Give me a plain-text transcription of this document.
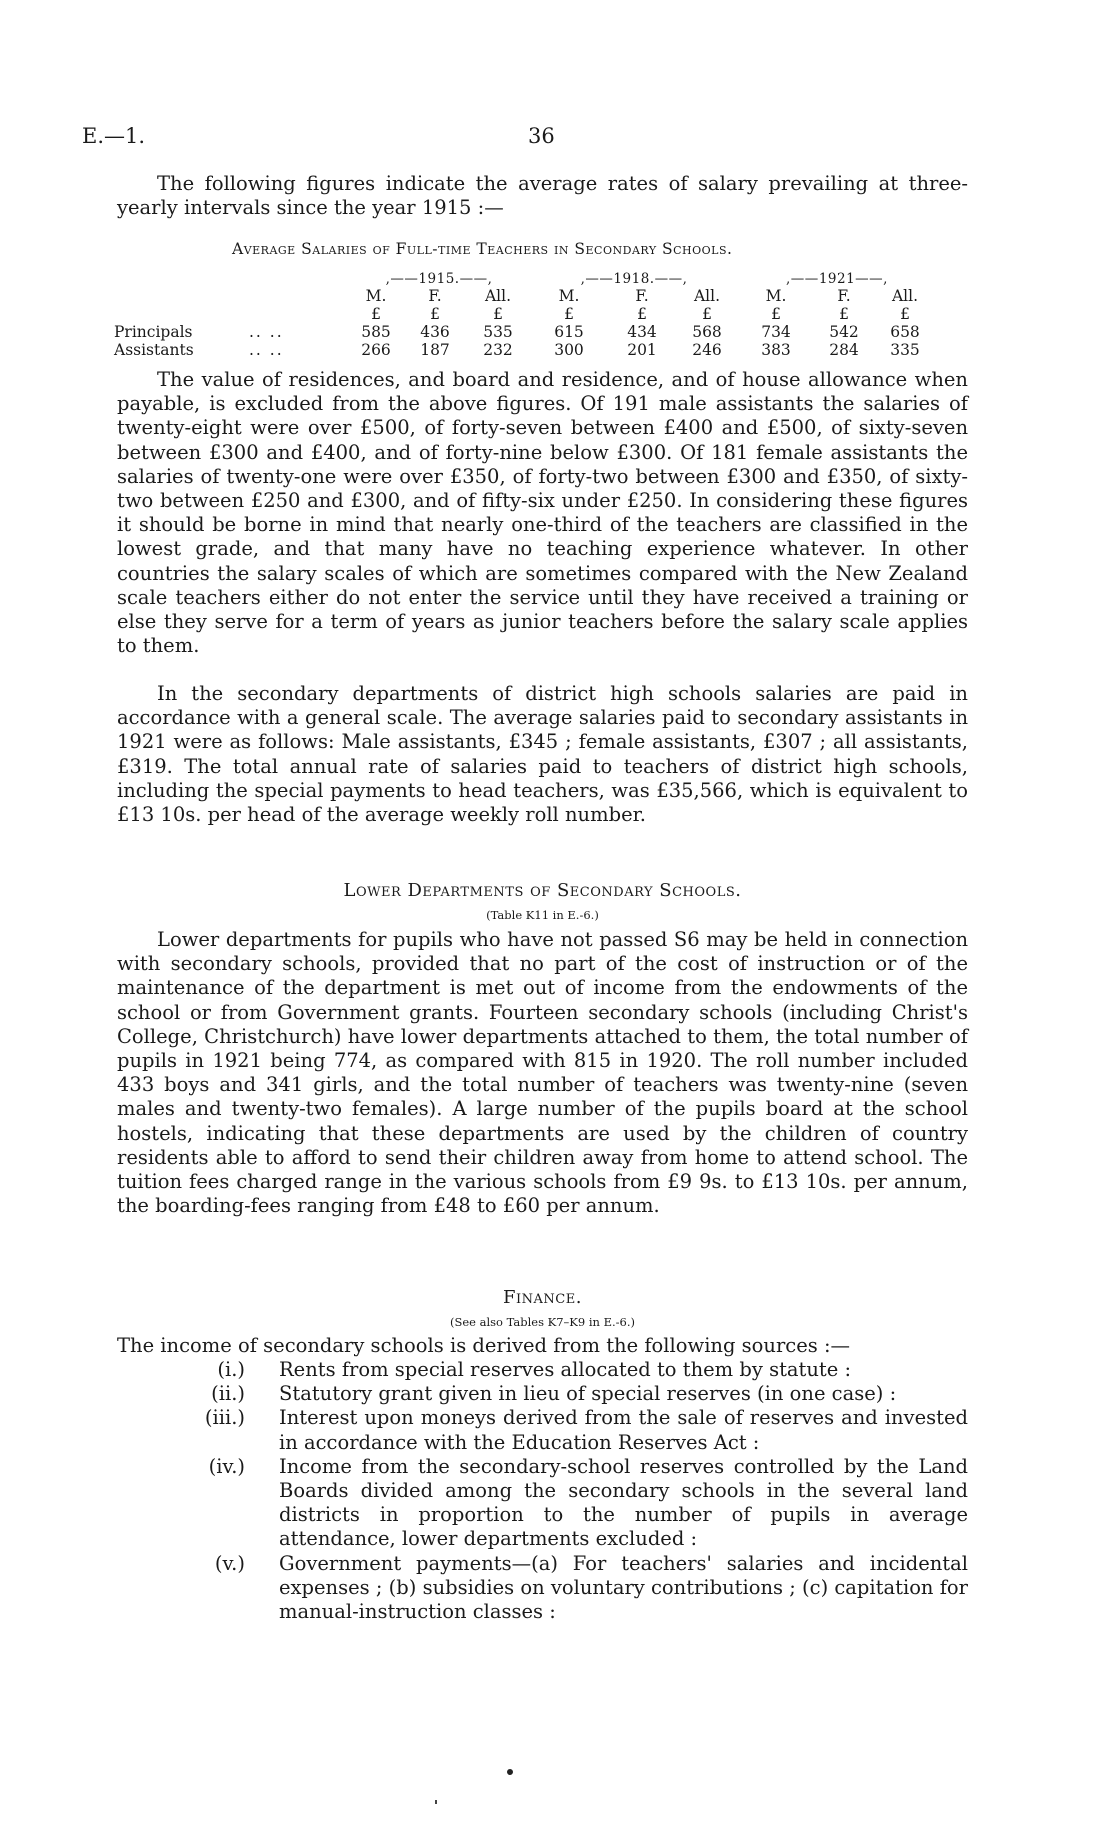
E.—1.	36

The following figures indicate the average rates of salary prevailing at three-yearly intervals since the year 1915 :—

Average Salaries of Full-time Teachers in Secondary Schools.
		,——1915.——,			,——1918.——,			,——1921——,		
		M.	F.	All.	M.	F.	All.	M.	F.	All.
		£	£	£	£	£	£	£	£	£
Principals	.. ..	585	436	535	615	434	568	734	542	658
Assistants	.. ..	266	187	232	300	201	246	383	284	335

The value of residences, and board and residence, and of house allowance when payable, is excluded from the above figures. Of 191 male assistants the salaries of twenty-eight were over £500, of forty-seven between £400 and £500, of sixty-seven between £300 and £400, and of forty-nine below £300. Of 181 female assistants the salaries of twenty-one were over £350, of forty-two between £300 and £350, of sixty-two between £250 and £300, and of fifty-six under £250. In considering these figures it should be borne in mind that nearly one-third of the teachers are classified in the lowest grade, and that many have no teaching experience whatever. In other countries the salary scales of which are sometimes compared with the New Zealand scale teachers either do not enter the service until they have received a training or else they serve for a term of years as junior teachers before the salary scale applies to them.

In the secondary departments of district high schools salaries are paid in accordance with a general scale. The average salaries paid to secondary assistants in 1921 were as follows: Male assistants, £345 ; female assistants, £307 ; all assistants, £319. The total annual rate of salaries paid to teachers of district high schools, including the special payments to head teachers, was £35,566, which is equivalent to £13 10s. per head of the average weekly roll number.

Lower Departments of Secondary Schools.
(Table K11 in E.-6.)

Lower departments for pupils who have not passed S6 may be held in connection with secondary schools, provided that no part of the cost of instruction or of the maintenance of the department is met out of income from the endowments of the school or from Government grants. Fourteen secondary schools (including Christ's College, Christchurch) have lower departments attached to them, the total number of pupils in 1921 being 774, as compared with 815 in 1920. The roll number included 433 boys and 341 girls, and the total number of teachers was twenty-nine (seven males and twenty-two females). A large number of the pupils board at the school hostels, indicating that these departments are used by the children of country residents able to afford to send their children away from home to attend school. The tuition fees charged range in the various schools from £9 9s. to £13 10s. per annum, the boarding-fees ranging from £48 to £60 per annum.

Finance.
(See also Tables K7–K9 in E.-6.)

The income of secondary schools is derived from the following sources :—

(i.) Rents from special reserves allocated to them by statute :
(ii.) Statutory grant given in lieu of special reserves (in one case) :
(iii.) Interest upon moneys derived from the sale of reserves and invested in accordance with the Education Reserves Act :
(iv.) Income from the secondary-school reserves controlled by the Land Boards divided among the secondary schools in the several land districts in proportion to the number of pupils in average attendance, lower departments excluded :
(v.) Government payments—(a) For teachers' salaries and incidental expenses ; (b) subsidies on voluntary contributions ; (c) capitation for manual-instruction classes :
